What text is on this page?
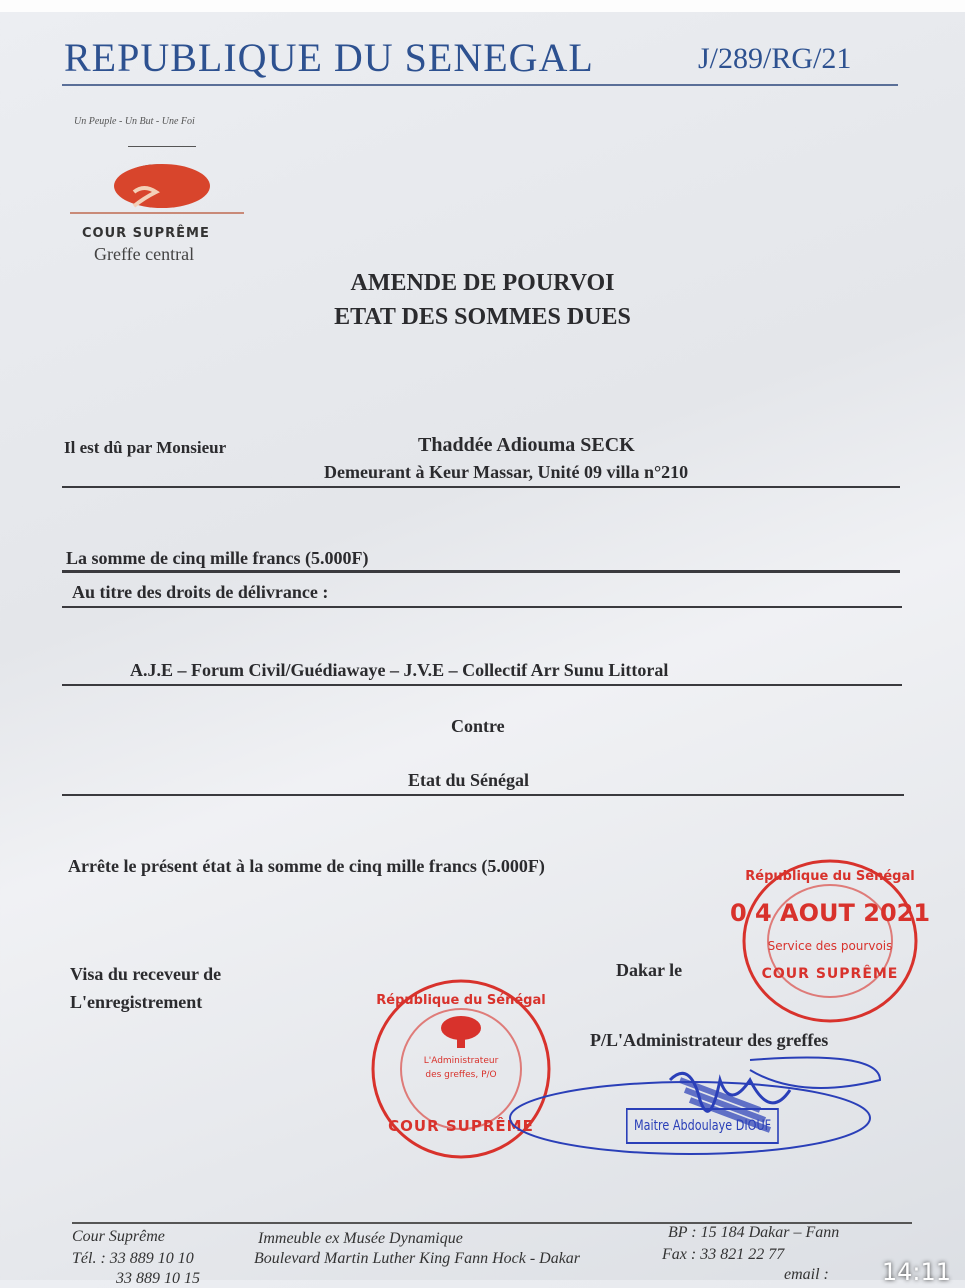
REPUBLIQUE DU SENEGAL	J/289/RG/21
Un Peuple - Un But - Une Foi
COUR SUPRÊME
Greffe central
AMENDE DE POURVOI
ETAT DES SOMMES DUES
Il est dû par Monsieur	Thaddée Adiouma SECK
Demeurant à Keur Massar, Unité 09 villa n°210
La somme de cinq mille francs (5.000F)
Au titre des droits de délivrance :
A.J.E – Forum Civil/Guédiawaye – J.V.E – Collectif Arr Sunu Littoral
Contre
Etat du Sénégal
Arrête le présent état à la somme de cinq mille francs (5.000F)
Visa du receveur de
L'enregistrement
Dakar le
P/L'Administrateur des greffes
République du Sénégal
L'Administrateur
des greffes, P/O
COUR SUPRÊME
République du Sénégal
0 4 AOUT 2021
Service des pourvois
COUR SUPRÊME
Maitre Abdoulaye DIOUF
Cour Suprême
Tél. : 33 889 10 10
33 889 10 15
Immeuble ex Musée Dynamique
Boulevard Martin Luther King Fann Hock - Dakar
BP : 15 184 Dakar – Fann
Fax : 33 821 22 77
email : 14:11
